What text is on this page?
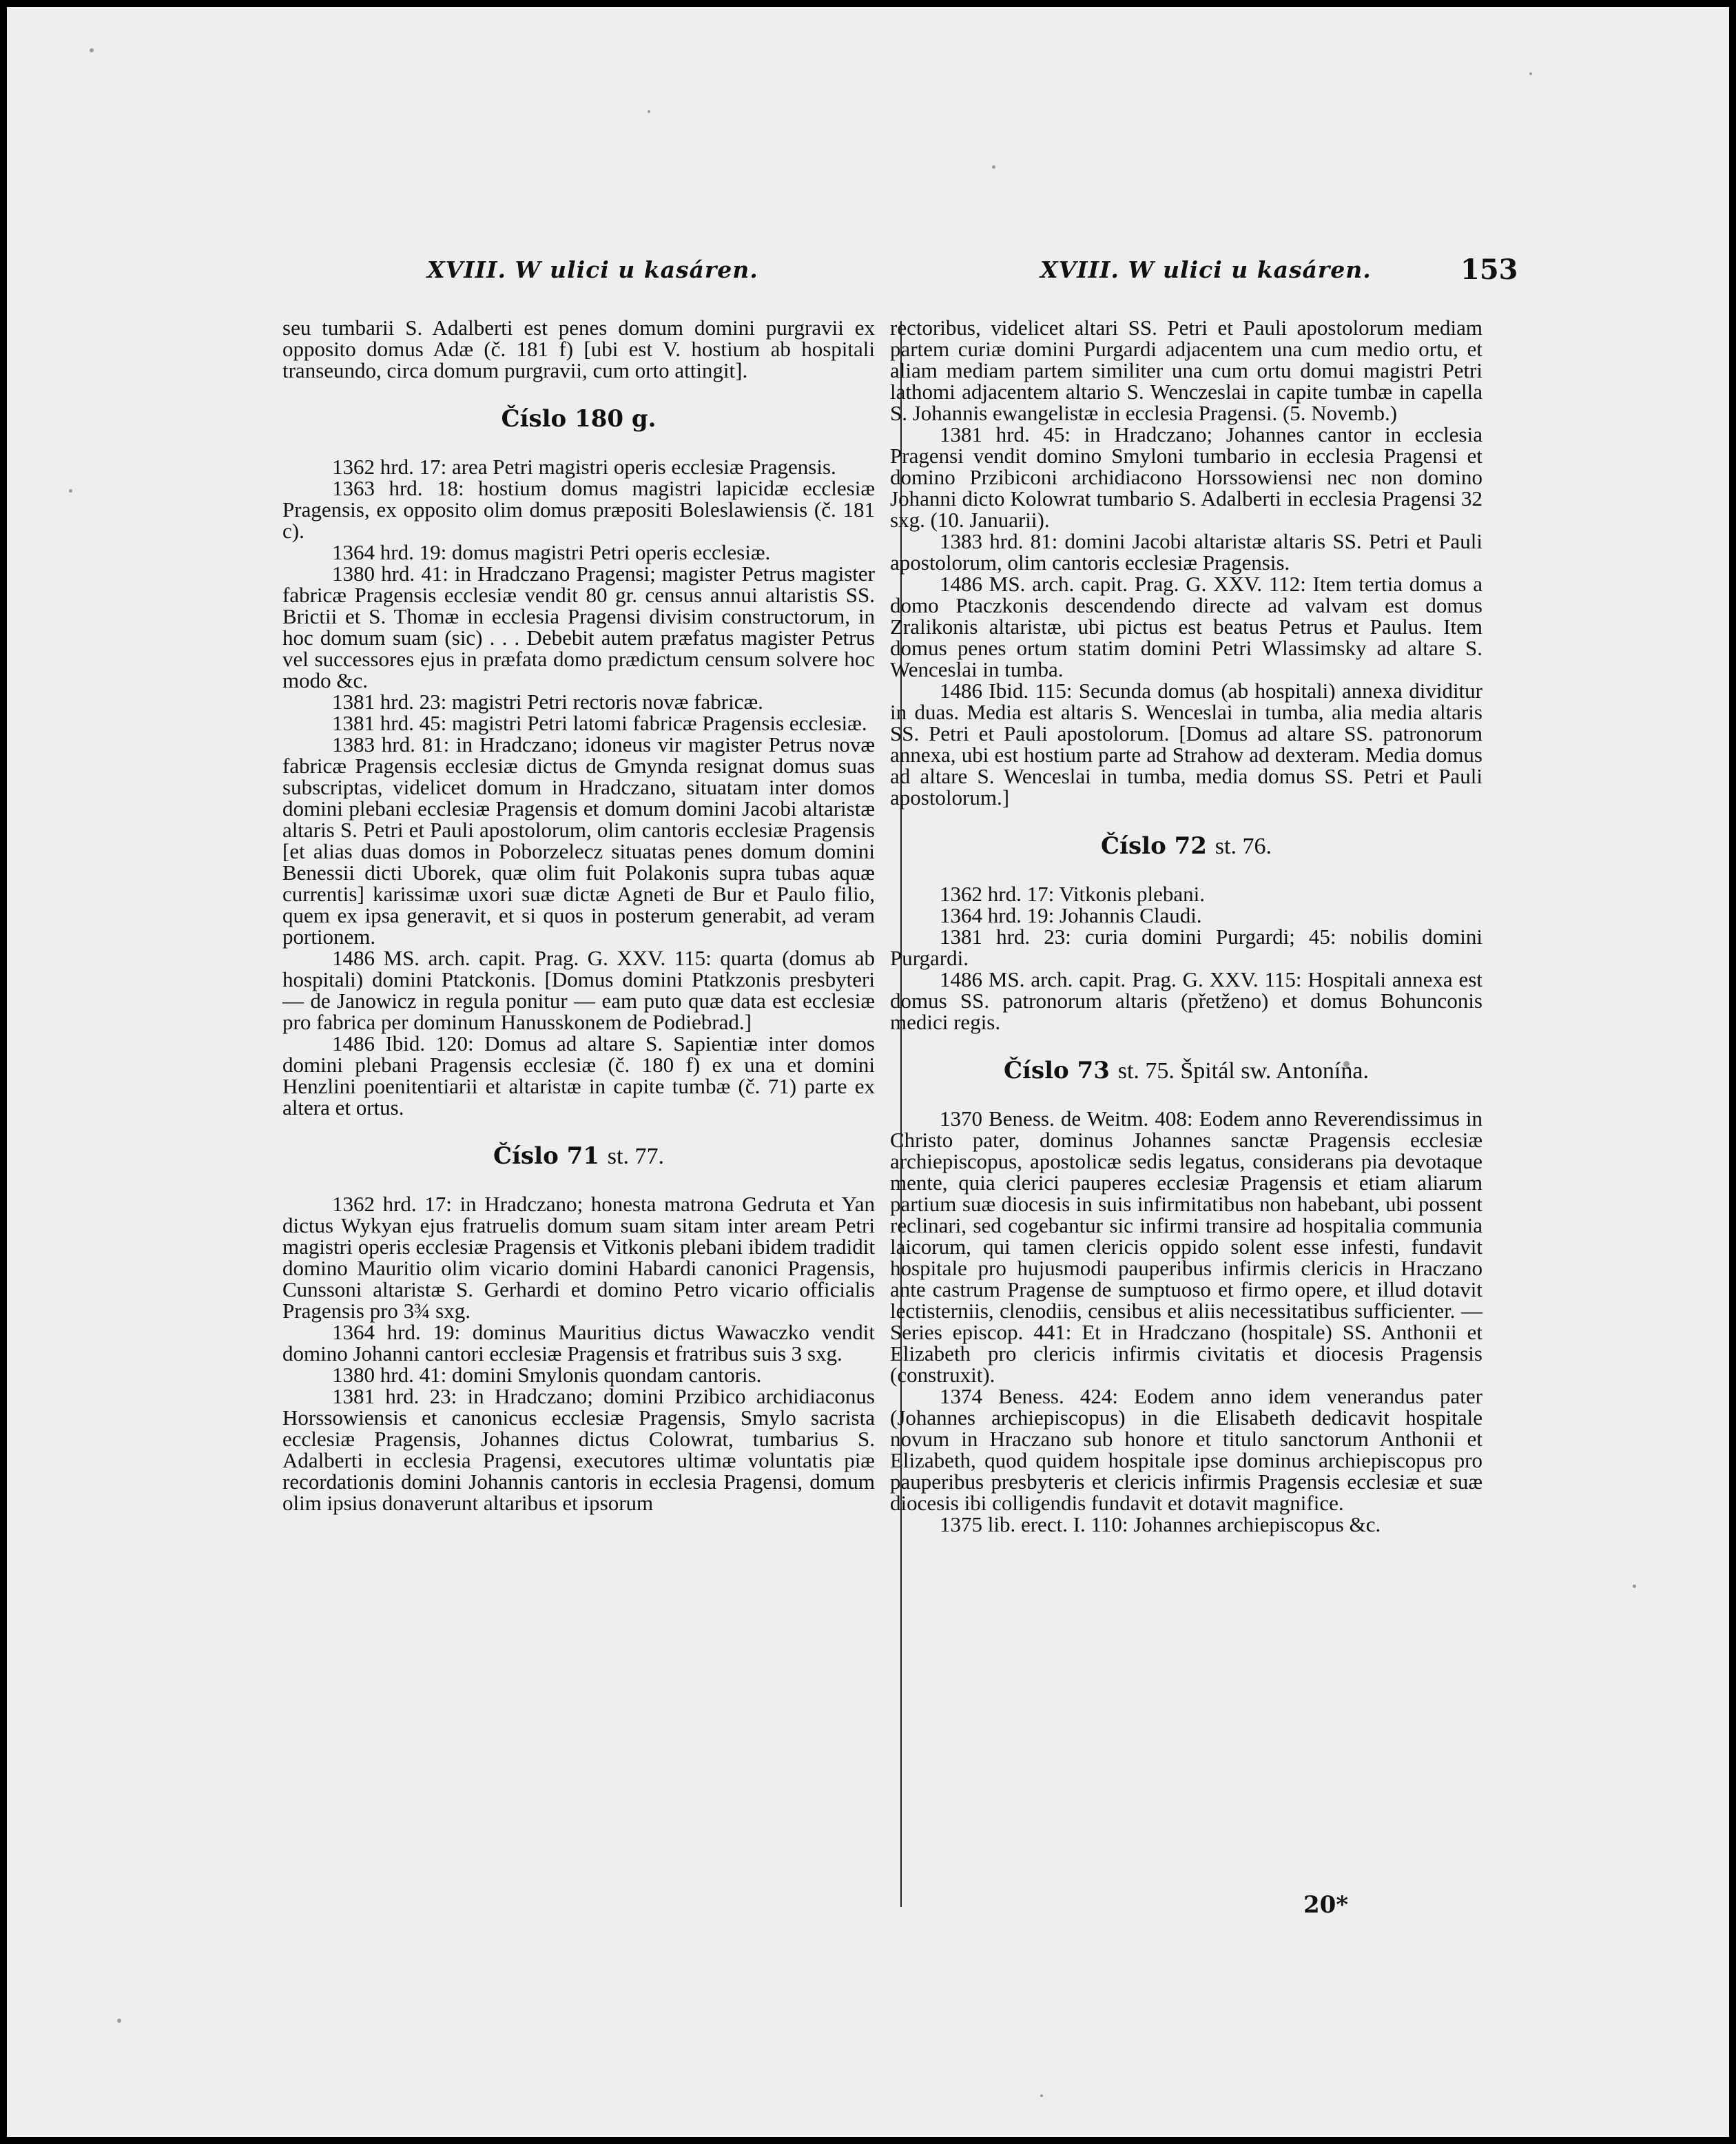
XVIII. W ulici u kasáren.	XVIII. W ulici u kasáren.	153

seu tumbarii S. Adalberti est penes domum domini purgravii ex opposito domus Adæ (č. 181 f) [ubi est V. hostium ab hospitali transeundo, circa domum purgravii, cum orto attingit].

Číslo 180 g.

1362 hrd. 17: area Petri magistri operis ecclesiæ Pragensis.

1363 hrd. 18: hostium domus magistri lapicidæ ecclesiæ Pragensis, ex opposito olim domus præpositi Boleslawiensis (č. 181 c).

1364 hrd. 19: domus magistri Petri operis ecclesiæ.

1380 hrd. 41: in Hradczano Pragensi; magister Petrus magister fabricæ Pragensis ecclesiæ vendit 80 gr. census annui altaristis SS. Brictii et S. Thomæ in ecclesia Pragensi divisim constructorum, in hoc domum suam (sic) . . . Debebit autem præfatus magister Petrus vel successores ejus in præfata domo prædictum censum solvere hoc modo &c.

1381 hrd. 23: magistri Petri rectoris novæ fabricæ.

1381 hrd. 45: magistri Petri latomi fabricæ Pragensis ecclesiæ.

1383 hrd. 81: in Hradczano; idoneus vir magister Petrus novæ fabricæ Pragensis ecclesiæ dictus de Gmynda resignat domus suas subscriptas, videlicet domum in Hradczano, situatam inter domos domini plebani ecclesiæ Pragensis et domum domini Jacobi altaristæ altaris S. Petri et Pauli apostolorum, olim cantoris ecclesiæ Pragensis [et alias duas domos in Poborzelecz situatas penes domum domini Benessii dicti Uborek, quæ olim fuit Polakonis supra tubas aquæ currentis] karissimæ uxori suæ dictæ Agneti de Bur et Paulo filio, quem ex ipsa generavit, et si quos in posterum generabit, ad veram portionem.

1486 MS. arch. capit. Prag. G. XXV. 115: quarta (domus ab hospitali) domini Ptatckonis. [Domus domini Ptatkzonis presbyteri — de Janowicz in regula ponitur — eam puto quæ data est ecclesiæ pro fabrica per dominum Hanusskonem de Podiebrad.]

1486 Ibid. 120: Domus ad altare S. Sapientiæ inter domos domini plebani Pragensis ecclesiæ (č. 180 f) ex una et domini Henzlini poenitentiarii et altaristæ in capite tumbæ (č. 71) parte ex altera et ortus.

Číslo 71 st. 77.

1362 hrd. 17: in Hradczano; honesta matrona Gedruta et Yan dictus Wykyan ejus fratruelis domum suam sitam inter aream Petri magistri operis ecclesiæ Pragensis et Vitkonis plebani ibidem tradidit domino Mauritio olim vicario domini Habardi canonici Pragensis, Cunssoni altaristæ S. Gerhardi et domino Petro vicario officialis Pragensis pro 3¾ sxg.

1364 hrd. 19: dominus Mauritius dictus Wawaczko vendit domino Johanni cantori ecclesiæ Pragensis et fratribus suis 3 sxg.

1380 hrd. 41: domini Smylonis quondam cantoris.

1381 hrd. 23: in Hradczano; domini Przibico archidiaconus Horssowiensis et canonicus ecclesiæ Pragensis, Smylo sacrista ecclesiæ Pragensis, Johannes dictus Colowrat, tumbarius S. Adalberti in ecclesia Pragensi, executores ultimæ voluntatis piæ recordationis domini Johannis cantoris in ecclesia Pragensi, domum olim ipsius donaverunt altaribus et ipsorum

rectoribus, videlicet altari SS. Petri et Pauli apostolorum mediam partem curiæ domini Purgardi adjacentem una cum medio ortu, et aliam mediam partem similiter una cum ortu domui magistri Petri lathomi adjacentem altario S. Wenczeslai in capite tumbæ in capella S. Johannis ewangelistæ in ecclesia Pragensi. (5. Novemb.)

1381 hrd. 45: in Hradczano; Johannes cantor in ecclesia Pragensi vendit domino Smyloni tumbario in ecclesia Pragensi et domino Przibiconi archidiacono Horssowiensi nec non domino Johanni dicto Kolowrat tumbario S. Adalberti in ecclesia Pragensi 32 sxg. (10. Januarii).

1383 hrd. 81: domini Jacobi altaristæ altaris SS. Petri et Pauli apostolorum, olim cantoris ecclesiæ Pragensis.

1486 MS. arch. capit. Prag. G. XXV. 112: Item tertia domus a domo Ptaczkonis descendendo directe ad valvam est domus Zralikonis altaristæ, ubi pictus est beatus Petrus et Paulus. Item domus penes ortum statim domini Petri Wlassimsky ad altare S. Wenceslai in tumba.

1486 Ibid. 115: Secunda domus (ab hospitali) annexa dividitur in duas. Media est altaris S. Wenceslai in tumba, alia media altaris SS. Petri et Pauli apostolorum. [Domus ad altare SS. patronorum annexa, ubi est hostium parte ad Strahow ad dexteram. Media domus ad altare S. Wenceslai in tumba, media domus SS. Petri et Pauli apostolorum.]

Číslo 72 st. 76.

1362 hrd. 17: Vitkonis plebani.

1364 hrd. 19: Johannis Claudi.

1381 hrd. 23: curia domini Purgardi; 45: nobilis domini Purgardi.

1486 MS. arch. capit. Prag. G. XXV. 115: Hospitali annexa est domus SS. patronorum altaris (přetženo) et domus Bohunconis medici regis.

Číslo 73 st. 75. Špitál sw. Antonína.

1370 Beness. de Weitm. 408: Eodem anno Reverendissimus in Christo pater, dominus Johannes sanctæ Pragensis ecclesiæ archiepiscopus, apostolicæ sedis legatus, considerans pia devotaque mente, quia clerici pauperes ecclesiæ Pragensis et etiam aliarum partium suæ diocesis in suis infirmitatibus non habebant, ubi possent reclinari, sed cogebantur sic infirmi transire ad hospitalia communia laicorum, qui tamen clericis oppido solent esse infesti, fundavit hospitale pro hujusmodi pauperibus infirmis clericis in Hraczano ante castrum Pragense de sumptuoso et firmo opere, et illud dotavit lectisterniis, clenodiis, censibus et aliis necessitatibus sufficienter. — Series episcop. 441: Et in Hradczano (hospitale) SS. Anthonii et Elizabeth pro clericis infirmis civitatis et diocesis Pragensis (construxit).

1374 Beness. 424: Eodem anno idem venerandus pater (Johannes archiepiscopus) in die Elisabeth dedicavit hospitale novum in Hraczano sub honore et titulo sanctorum Anthonii et Elizabeth, quod quidem hospitale ipse dominus archiepiscopus pro pauperibus presbyteris et clericis infirmis Pragensis ecclesiæ et suæ diocesis ibi colligendis fundavit et dotavit magnifice.

1375 lib. erect. I. 110: Johannes archiepiscopus &c.

20*
